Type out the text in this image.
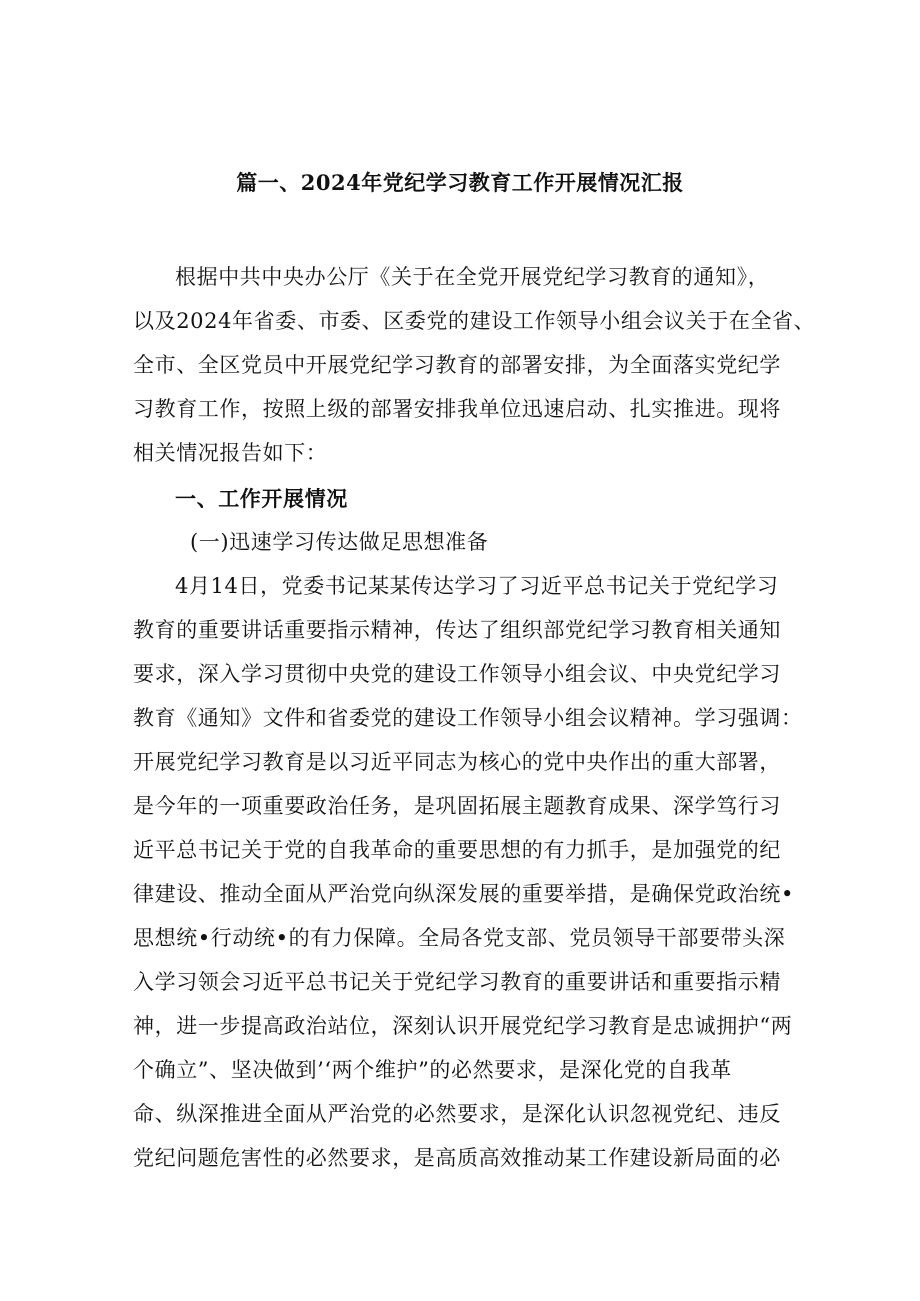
篇一、2024年党纪学习教育工作开展情况汇报
根据中共中央办公厅《关于在全党开展党纪学习教育的通知》，
以及2024年省委、市委、区委党的建设工作领导小组会议关于在全省、
全市、全区党员中开展党纪学习教育的部署安排，为全面落实党纪学
习教育工作，按照上级的部署安排我单位迅速启动、扎实推进。现将
相关情况报告如下：
一、工作开展情况
(一)迅速学习传达做足思想准备
4月14日，党委书记某某传达学习了习近平总书记关于党纪学习
教育的重要讲话重要指示精神，传达了组织部党纪学习教育相关通知
要求，深入学习贯彻中央党的建设工作领导小组会议、中央党纪学习
教育《通知》文件和省委党的建设工作领导小组会议精神。学习强调：
开展党纪学习教育是以习近平同志为核心的党中央作出的重大部署，
是今年的一项重要政治任务，是巩固拓展主题教育成果、深学笃行习
近平总书记关于党的自我革命的重要思想的有力抓手，是加强党的纪
律建设、推动全面从严治党向纵深发展的重要举措，是确保党政治统•
思想统•行动统•的有力保障。全局各党支部、党员领导干部要带头深
入学习领会习近平总书记关于党纪学习教育的重要讲话和重要指示精
神，进一步提高政治站位，深刻认识开展党纪学习教育是忠诚拥护“两
个确立”、坚决做到’‘两个维护”的必然要求，是深化党的自我革
命、纵深推进全面从严治党的必然要求，是深化认识忽视党纪、违反
党纪问题危害性的必然要求，是高质高效推动某工作建设新局面的必
